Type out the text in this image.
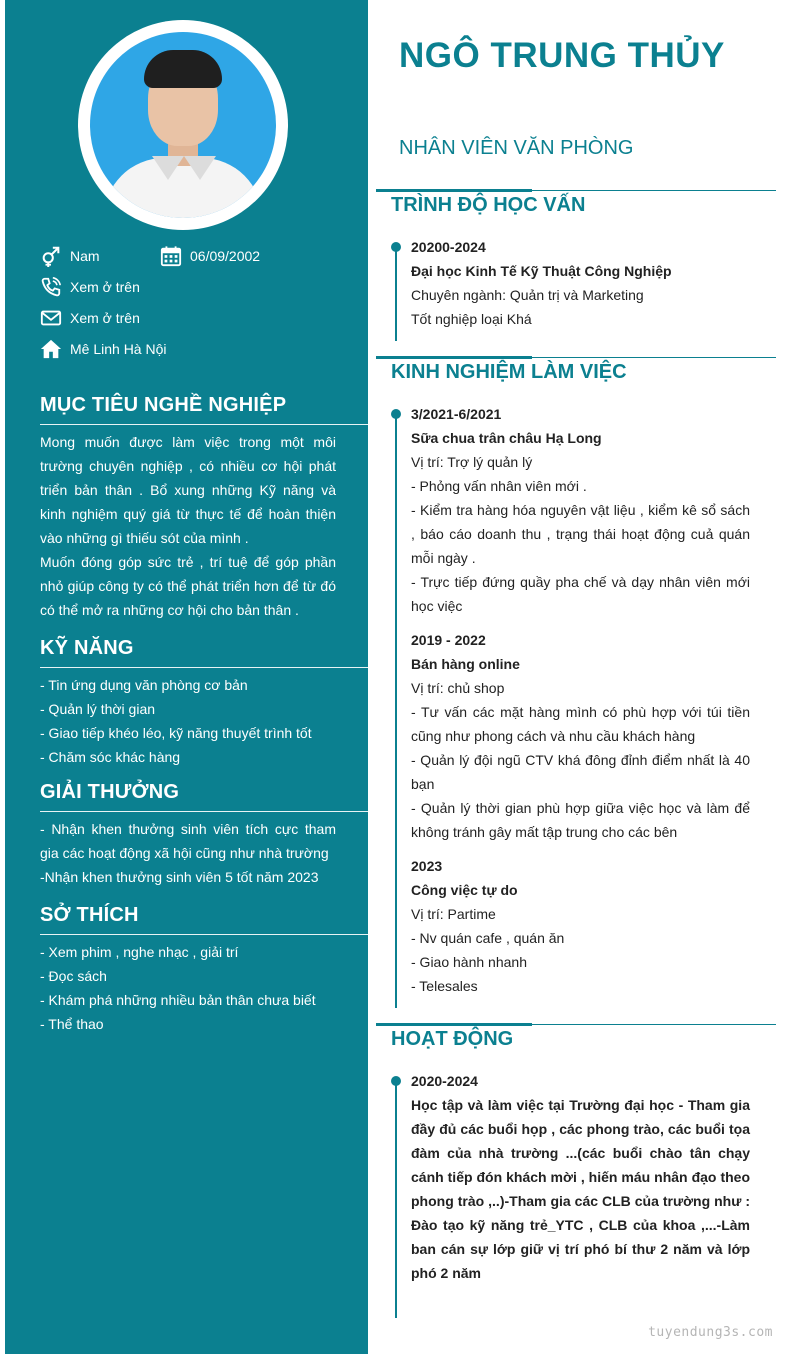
Nam	06/09/2002
Xem ở trên
Xem ở trên
Mê Linh Hà Nội
MỤC TIÊU NGHỀ NGHIỆP
Mong muốn được làm việc trong một môi trường chuyên nghiệp , có nhiều cơ hội phát triển bản thân . Bổ xung những Kỹ năng và kinh nghiệm quý giá từ thực tế để hoàn thiện vào những gì thiếu sót của mình .
Muốn đóng góp sức trẻ , trí tuệ để góp phần nhỏ giúp công ty có thể phát triển hơn để từ đó có thể mở ra những cơ hội cho bản thân .
KỸ NĂNG
- Tin ứng dụng văn phòng cơ bản
- Quản lý thời gian
- Giao tiếp khéo léo, kỹ năng thuyết trình tốt
- Chăm sóc khác hàng
GIẢI THƯỞNG
- Nhận khen thưởng sinh viên tích cực tham gia các hoạt động xã hội cũng như nhà trường
-Nhận khen thưởng sinh viên 5 tốt năm 2023
SỞ THÍCH
- Xem phim , nghe nhạc , giải trí
- Đọc sách
- Khám phá những nhiều bản thân chưa biết
- Thể thao
NGÔ TRUNG THỦY
NHÂN VIÊN VĂN PHÒNG
TRÌNH ĐỘ HỌC VẤN
20200-2024
Đại học Kinh Tế Kỹ Thuật Công Nghiệp
Chuyên ngành: Quản trị và Marketing
Tốt nghiệp loại Khá
KINH NGHIỆM LÀM VIỆC
3/2021-6/2021
Sữa chua trân châu Hạ Long
Vị trí: Trợ lý quản lý
- Phỏng vấn nhân viên mới .
- Kiểm tra hàng hóa nguyên vật liệu , kiểm kê sổ sách , báo cáo doanh thu , trạng thái hoạt động cuả quán mỗi ngày .
- Trực tiếp đứng quầy pha chế và dạy nhân viên mới học việc
2019 - 2022
Bán hàng online
Vị trí: chủ shop
- Tư vấn các mặt hàng mình có phù hợp với túi tiền cũng như phong cách và nhu cầu khách hàng
- Quản lý đội ngũ CTV khá đông đỉnh điểm nhất là 40 bạn
- Quản lý thời gian phù hợp giữa việc học và làm để không tránh gây mất tập trung cho các bên
2023
Công việc tự do
Vị trí: Partime
- Nv quán cafe , quán ăn
- Giao hành nhanh
- Telesales
HOẠT ĐỘNG
2020-2024
Học tập và làm việc tại Trường đại học - Tham gia đầy đủ các buổi họp , các phong trào, các buổi tọa đàm của nhà trường ...(các buổi chào tân chạy cánh tiếp đón khách mời , hiến máu nhân đạo theo phong trào ,..)-Tham gia các CLB của trường như : Đào tạo kỹ năng trẻ_YTC , CLB của khoa ,...-Làm ban cán sự lớp giữ vị trí phó bí thư 2 năm và lớp phó 2 năm
tuyendung3s.com
